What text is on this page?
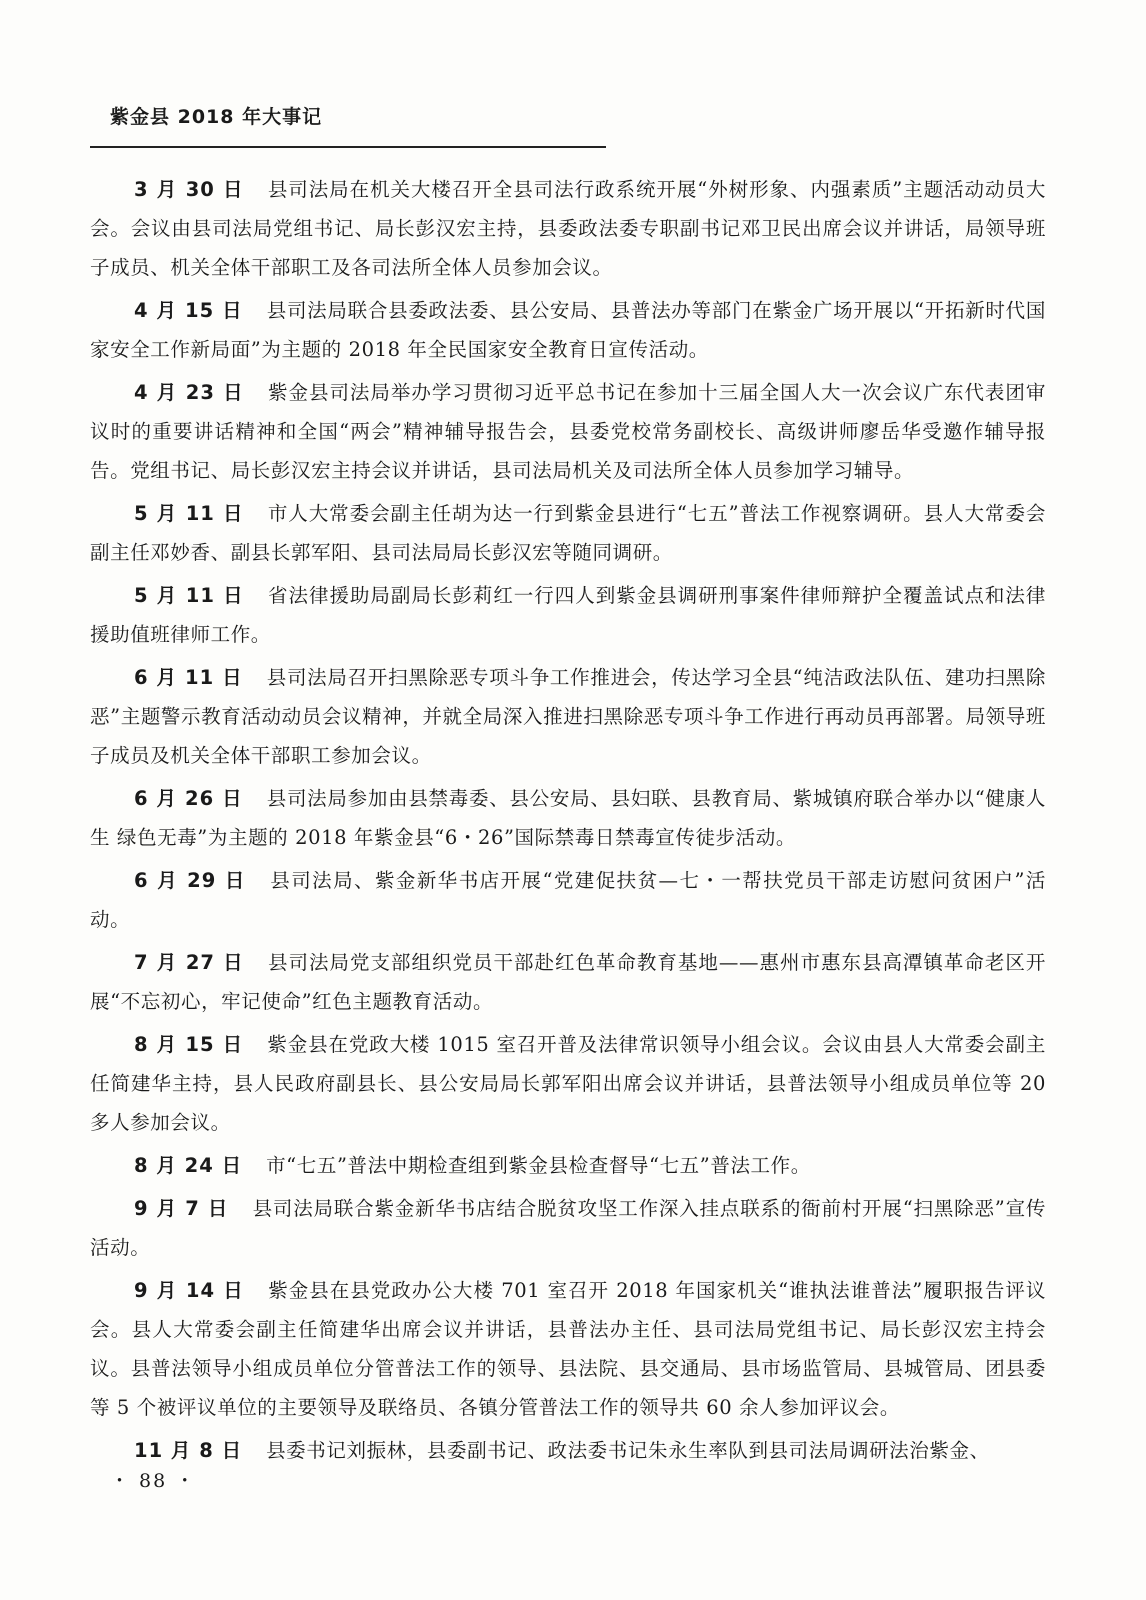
紫金县 2018 年大事记

3 月 30 日 县司法局在机关大楼召开全县司法行政系统开展“外树形象、内强素质”主题活动动员大会。会议由县司法局党组书记、局长彭汉宏主持，县委政法委专职副书记邓卫民出席会议并讲话，局领导班子成员、机关全体干部职工及各司法所全体人员参加会议。

4 月 15 日 县司法局联合县委政法委、县公安局、县普法办等部门在紫金广场开展以“开拓新时代国家安全工作新局面”为主题的 2018 年全民国家安全教育日宣传活动。

4 月 23 日 紫金县司法局举办学习贯彻习近平总书记在参加十三届全国人大一次会议广东代表团审议时的重要讲话精神和全国“两会”精神辅导报告会，县委党校常务副校长、高级讲师廖岳华受邀作辅导报告。党组书记、局长彭汉宏主持会议并讲话，县司法局机关及司法所全体人员参加学习辅导。

5 月 11 日 市人大常委会副主任胡为达一行到紫金县进行“七五”普法工作视察调研。县人大常委会副主任邓妙香、副县长郭军阳、县司法局局长彭汉宏等随同调研。

5 月 11 日 省法律援助局副局长彭莉红一行四人到紫金县调研刑事案件律师辩护全覆盖试点和法律援助值班律师工作。

6 月 11 日 县司法局召开扫黑除恶专项斗争工作推进会，传达学习全县“纯洁政法队伍、建功扫黑除恶”主题警示教育活动动员会议精神，并就全局深入推进扫黑除恶专项斗争工作进行再动员再部署。局领导班子成员及机关全体干部职工参加会议。

6 月 26 日 县司法局参加由县禁毒委、县公安局、县妇联、县教育局、紫城镇府联合举办以“健康人生 绿色无毒”为主题的 2018 年紫金县“6・26”国际禁毒日禁毒宣传徒步活动。

6 月 29 日 县司法局、紫金新华书店开展“党建促扶贫—七・一帮扶党员干部走访慰问贫困户”活动。

7 月 27 日 县司法局党支部组织党员干部赴红色革命教育基地——惠州市惠东县高潭镇革命老区开展“不忘初心，牢记使命”红色主题教育活动。

8 月 15 日 紫金县在党政大楼 1015 室召开普及法律常识领导小组会议。会议由县人大常委会副主任简建华主持，县人民政府副县长、县公安局局长郭军阳出席会议并讲话，县普法领导小组成员单位等 20 多人参加会议。

8 月 24 日 市“七五”普法中期检查组到紫金县检查督导“七五”普法工作。

9 月 7 日 县司法局联合紫金新华书店结合脱贫攻坚工作深入挂点联系的衙前村开展“扫黑除恶”宣传活动。

9 月 14 日 紫金县在县党政办公大楼 701 室召开 2018 年国家机关“谁执法谁普法”履职报告评议会。县人大常委会副主任简建华出席会议并讲话，县普法办主任、县司法局党组书记、局长彭汉宏主持会议。县普法领导小组成员单位分管普法工作的领导、县法院、县交通局、县市场监管局、县城管局、团县委等 5 个被评议单位的主要领导及联络员、各镇分管普法工作的领导共 60 余人参加评议会。

11 月 8 日 县委书记刘振林，县委副书记、政法委书记朱永生率队到县司法局调研法治紫金、

・ 88 ・
